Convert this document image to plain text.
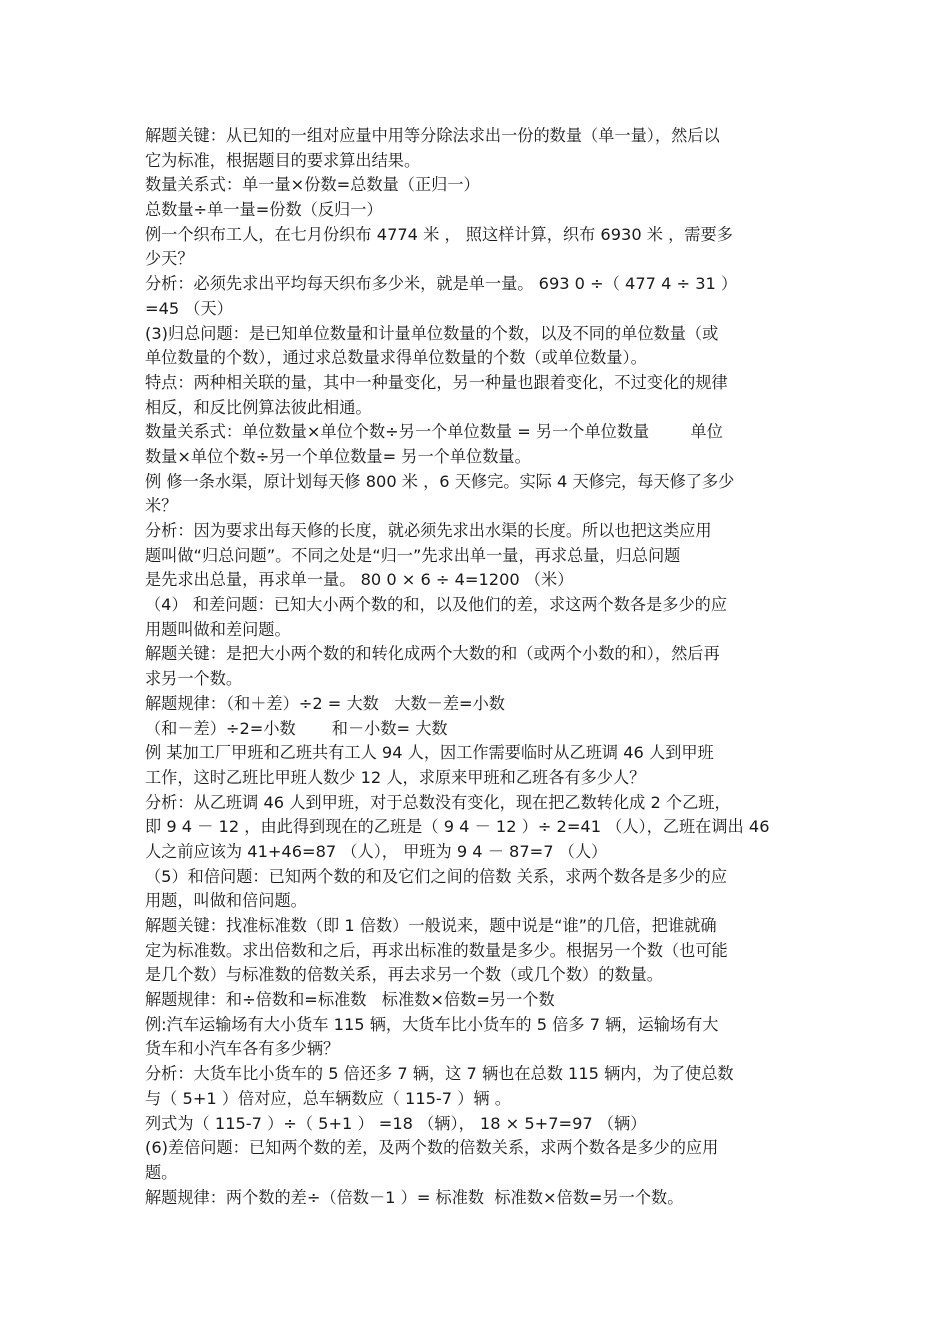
解题关键：从已知的一组对应量中用等分除法求出一份的数量（单一量），然后以
它为标准，根据题目的要求算出结果。
数量关系式：单一量×份数=总数量（正归一）
总数量÷单一量=份数（反归一）
例一个织布工人，在七月份织布 4774 米 ， 照这样计算，织布 6930 米 ，需要多
少天？
分析：必须先求出平均每天织布多少米，就是单一量。 693 0 ÷（ 477 4 ÷ 31 ）
=45 （天）
(3)归总问题：是已知单位数量和计量单位数量的个数，以及不同的单位数量（或
单位数量的个数），通过求总数量求得单位数量的个数（或单位数量）。
特点：两种相关联的量，其中一种量变化，另一种量也跟着变化，不过变化的规律
相反，和反比例算法彼此相通。
数量关系式：单位数量×单位个数÷另一个单位数量 = 另一个单位数量        单位
数量×单位个数÷另一个单位数量= 另一个单位数量。
例 修一条水渠，原计划每天修 800 米 ，6 天修完。实际 4 天修完，每天修了多少
米？
分析：因为要求出每天修的长度，就必须先求出水渠的长度。所以也把这类应用
题叫做“归总问题”。不同之处是“归一”先求出单一量，再求总量，归总问题
是先求出总量，再求单一量。 80 0 × 6 ÷ 4=1200 （米）
（4） 和差问题：已知大小两个数的和，以及他们的差，求这两个数各是多少的应
用题叫做和差问题。
解题关键：是把大小两个数的和转化成两个大数的和（或两个小数的和），然后再
求另一个数。
解题规律：（和＋差）÷2 = 大数   大数－差=小数
（和－差）÷2=小数       和－小数= 大数
例 某加工厂甲班和乙班共有工人 94 人，因工作需要临时从乙班调 46 人到甲班
工作，这时乙班比甲班人数少 12 人，求原来甲班和乙班各有多少人？
分析：从乙班调 46 人到甲班，对于总数没有变化，现在把乙数转化成 2 个乙班，
即 9 4 － 12 ，由此得到现在的乙班是（ 9 4 － 12 ）÷ 2=41 （人），乙班在调出 46
人之前应该为 41+46=87 （人）， 甲班为 9 4 － 87=7 （人）
（5）和倍问题：已知两个数的和及它们之间的倍数 关系，求两个数各是多少的应
用题，叫做和倍问题。
解题关键：找准标准数（即 1 倍数）一般说来，题中说是“谁”的几倍，把谁就确
定为标准数。求出倍数和之后，再求出标准的数量是多少。根据另一个数（也可能
是几个数）与标准数的倍数关系，再去求另一个数（或几个数）的数量。
解题规律：和÷倍数和=标准数   标准数×倍数=另一个数
例:汽车运输场有大小货车 115 辆，大货车比小货车的 5 倍多 7 辆，运输场有大
货车和小汽车各有多少辆？
分析：大货车比小货车的 5 倍还多 7 辆，这 7 辆也在总数 115 辆内，为了使总数
与（ 5+1 ）倍对应，总车辆数应（ 115-7 ）辆 。
列式为（ 115-7 ）÷（ 5+1 ） =18 （辆）， 18 × 5+7=97 （辆）
(6)差倍问题：已知两个数的差，及两个数的倍数关系，求两个数各是多少的应用
题。
解题规律：两个数的差÷（倍数－1 ）= 标准数  标准数×倍数=另一个数。
